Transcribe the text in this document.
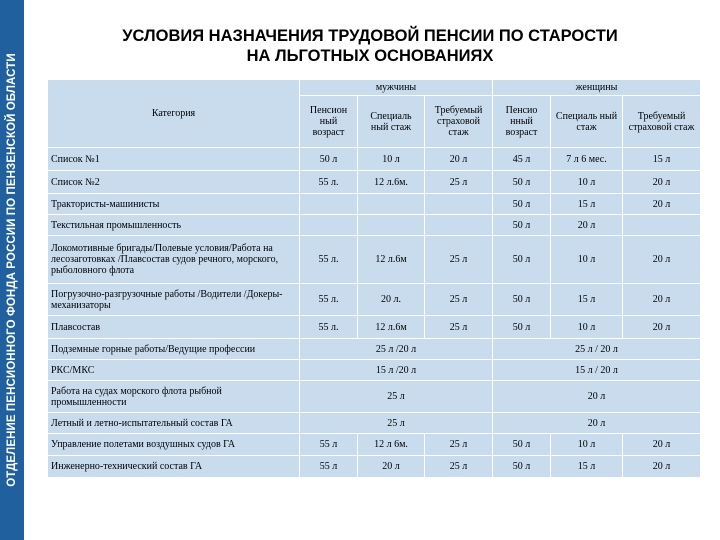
ОТДЕЛЕНИЕ ПЕНСИОННОГО ФОНДА РОССИИ ПО ПЕНЗЕНСКОЙ ОБЛАСТИ
УСЛОВИЯ НАЗНАЧЕНИЯ ТРУДОВОЙ ПЕНСИИ ПО СТАРОСТИ
НА ЛЬГОТНЫХ ОСНОВАНИЯХ
Категория	мужчины			женщины		
	Пенсион ный возраст	Специаль ный стаж	Требуемый страховой стаж	Пенсио нный возраст	Специаль ный стаж	Требуемый страховой стаж
Список №1	50 л	10 л	20 л	45 л	7 л 6 мес.	15 л
Список №2	55 л.	12 л.6м.	25 л	50 л	10 л	20 л
Трактористы-машинисты				50 л	15 л	20 л
Текстильная промышленность				50 л	20 л	
Локомотивные бригады/Полевые условия/Работа на лесозаготовках /Плавсостав судов речного, морского, рыболовного флота	55 л.	12 л.6м	25 л	50 л	10 л	20 л
Погрузочно-разгрузочные работы /Водители /Докеры-механизаторы	55 л.	20 л.	25 л	50 л	15 л	20 л
Плавсостав	55 л.	12 л.6м	25 л	50 л	10 л	20 л
Подземные горные работы/Ведущие профессии	25 л /20 л			25 л / 20 л		
РКС/МКС	15 л /20 л			15 л / 20 л		
Работа на судах морского флота рыбной промышленности	25 л			20 л		
Летный и летно-испытательный состав ГА	25 л			20 л		
Управление полетами воздушных судов ГА	55 л	12 л 6м.	25 л	50 л	10 л	20 л
Инженерно-технический состав ГА	55 л	20 л	25 л	50 л	15 л	20 л
